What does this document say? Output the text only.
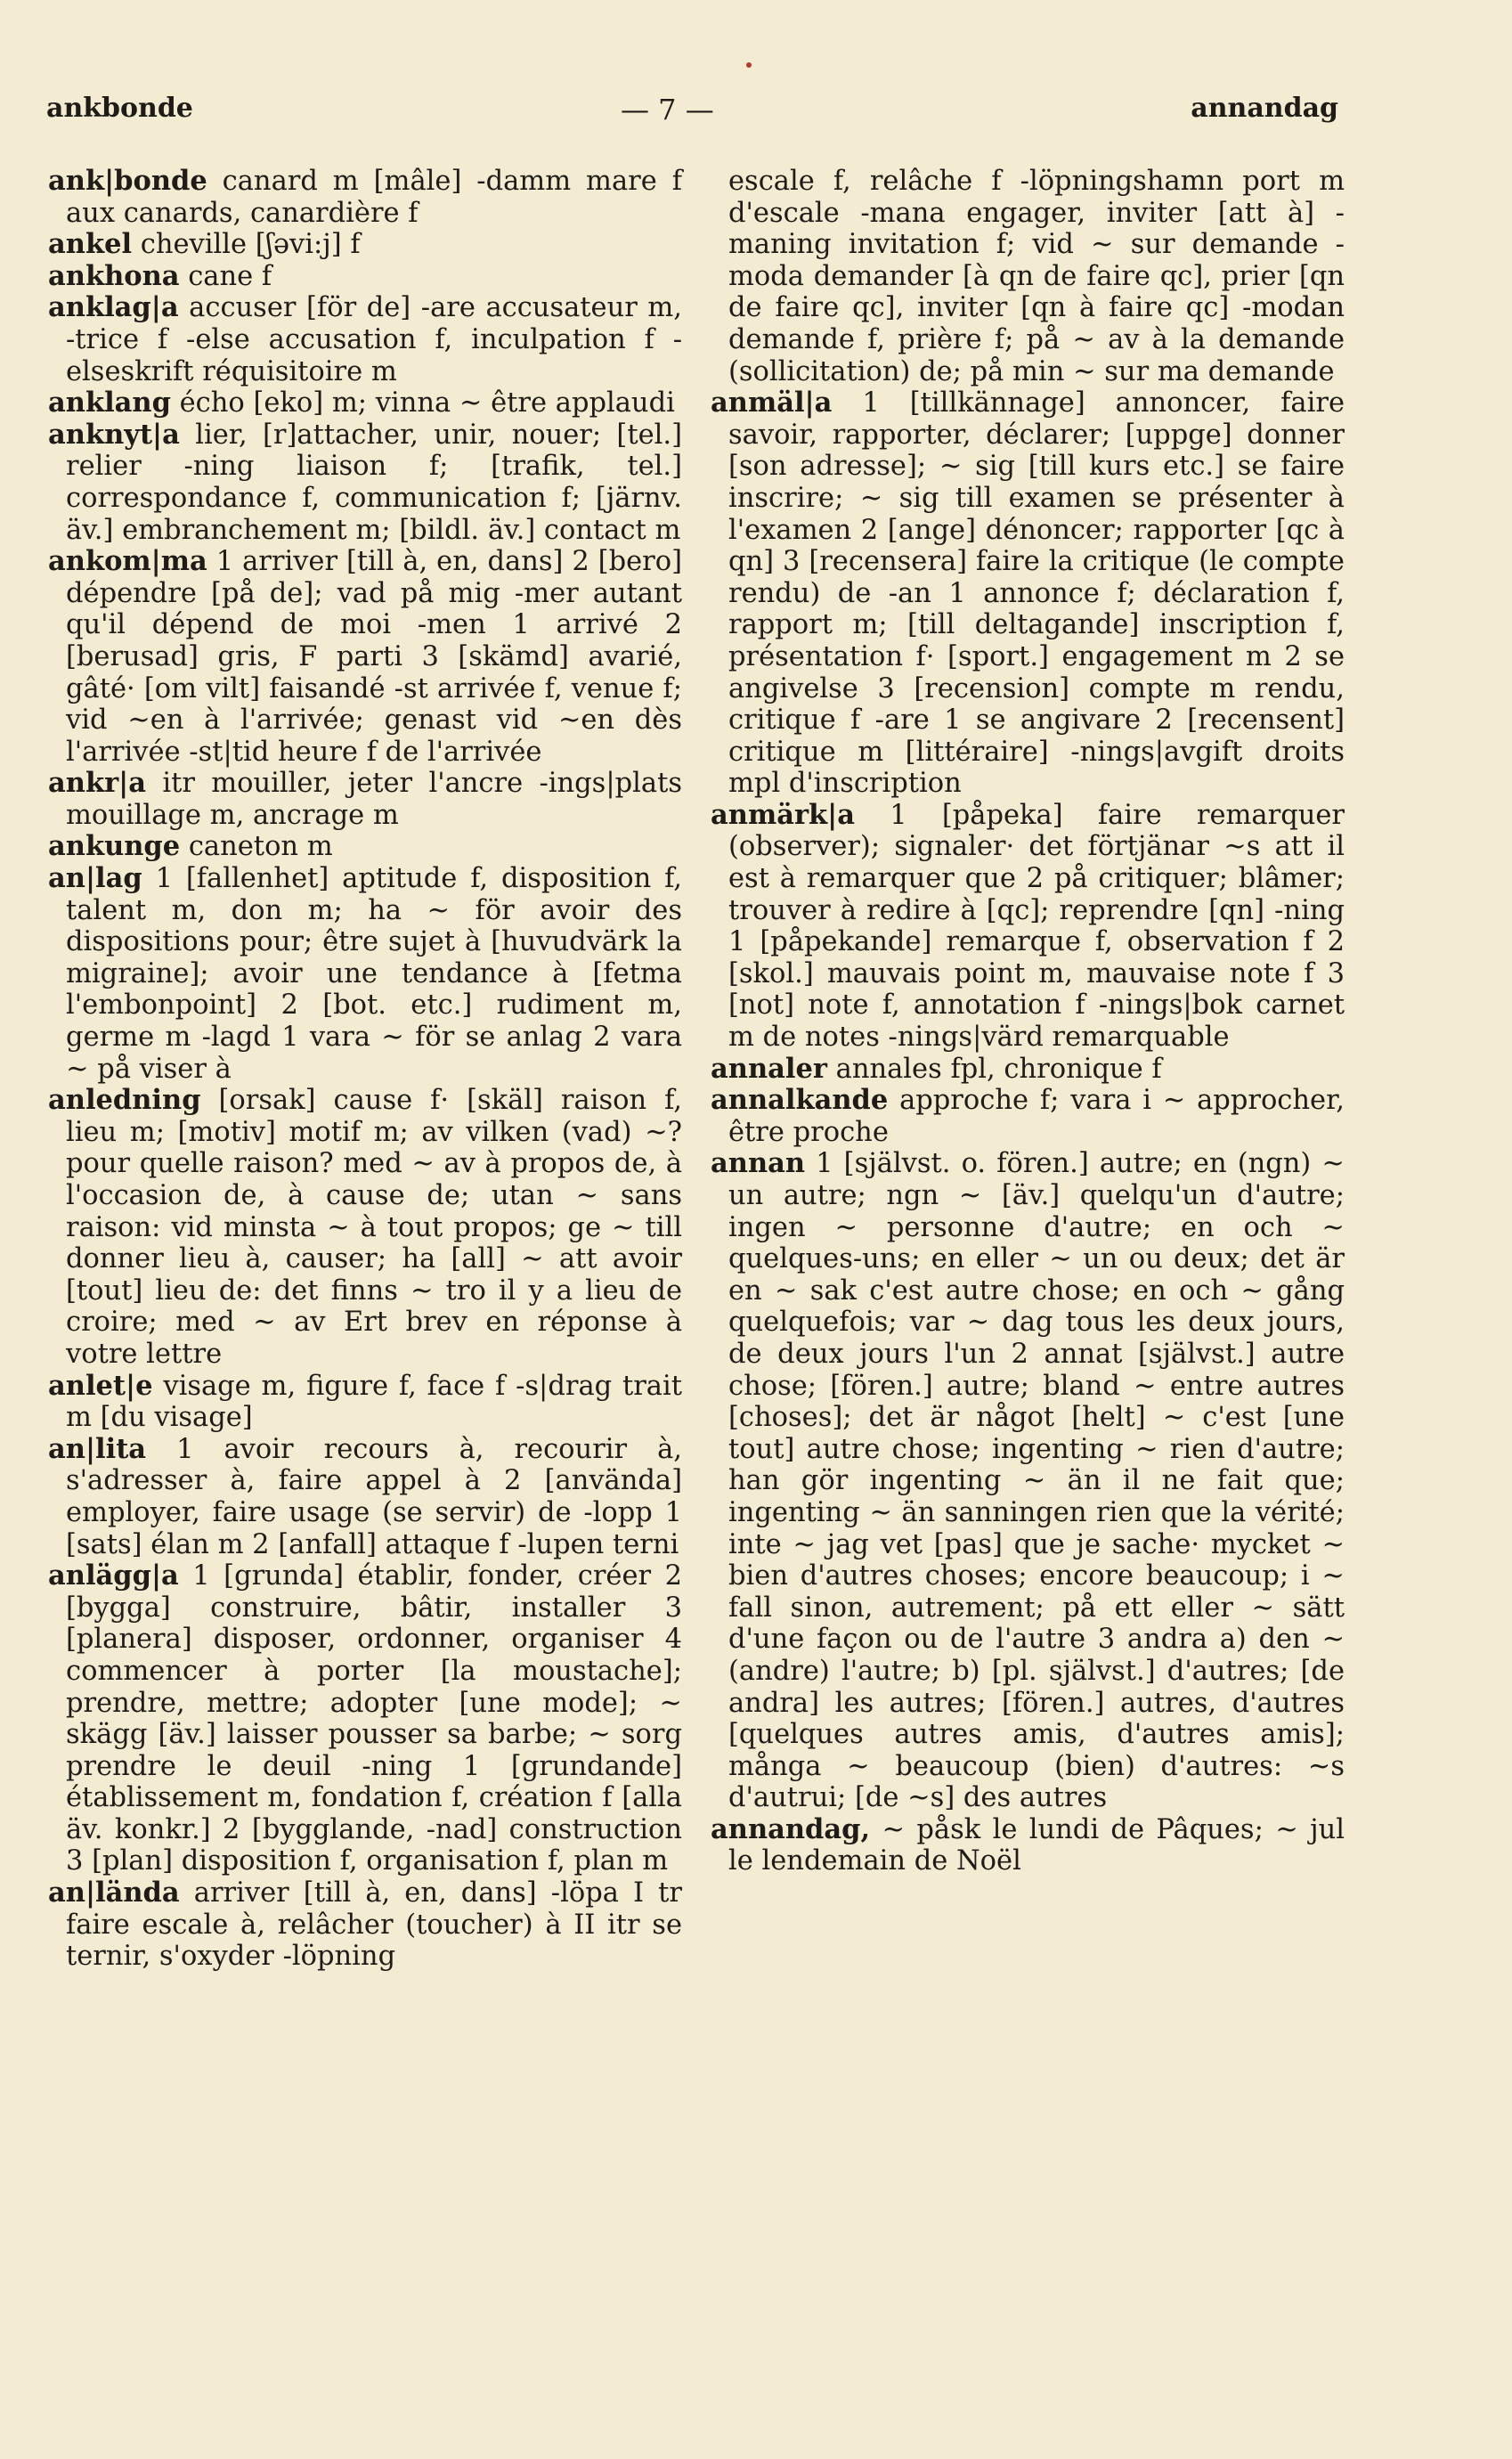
ankbonde	— 7 —	annandag

ank|bonde canard m [mâle] -damm mare f aux canards, canardière f

ankel cheville [ʃəvi:j] f

ankhona cane f

anklag|a accuser [för de] -are accusateur m, -trice f -else accusation f, inculpation f -elseskrift réquisitoire m

anklang écho [eko] m; vinna ~ être applaudi

anknyt|a lier, [r]attacher, unir, nouer; [tel.] relier -ning liaison f; [trafik, tel.] correspondance f, communication f; [järnv. äv.] embranchement m; [bildl. äv.] contact m

ankom|ma 1 arriver [till à, en, dans] 2 [bero] dépendre [på de]; vad på mig -mer autant qu'il dépend de moi -men 1 arrivé 2 [berusad] gris, F parti 3 [skämd] avarié, gâté· [om vilt] faisandé -st arrivée f, venue f; vid ~en à l'arrivée; genast vid ~en dès l'arrivée -st|tid heure f de l'arrivée

ankr|a itr mouiller, jeter l'ancre -ings|plats mouillage m, ancrage m

ankunge caneton m

an|lag 1 [fallenhet] aptitude f, disposition f, talent m, don m; ha ~ för avoir des dispositions pour; être sujet à [huvudvärk la migraine]; avoir une tendance à [fetma l'embonpoint] 2 [bot. etc.] rudiment m, germe m -lagd 1 vara ~ för se anlag 2 vara ~ på viser à

anledning [orsak] cause f· [skäl] raison f, lieu m; [motiv] motif m; av vilken (vad) ~? pour quelle raison? med ~ av à propos de, à l'occasion de, à cause de; utan ~ sans raison: vid minsta ~ à tout propos; ge ~ till donner lieu à, causer; ha [all] ~ att avoir [tout] lieu de: det finns ~ tro il y a lieu de croire; med ~ av Ert brev en réponse à votre lettre

anlet|e visage m, figure f, face f -s|drag trait m [du visage]

an|lita 1 avoir recours à, recourir à, s'adresser à, faire appel à 2 [använda] employer, faire usage (se servir) de -lopp 1 [sats] élan m 2 [anfall] attaque f -lupen terni

anlägg|a 1 [grunda] établir, fonder, créer 2 [bygga] construire, bâtir, installer 3 [planera] disposer, ordonner, organiser 4 commencer à porter [la moustache]; prendre, mettre; adopter [une mode]; ~ skägg [äv.] laisser pousser sa barbe; ~ sorg prendre le deuil -ning 1 [grundande] établissement m, fondation f, création f [alla äv. konkr.] 2 [bygglande, -nad] construction 3 [plan] disposition f, organisation f, plan m

an|lända arriver [till à, en, dans] -löpa I tr faire escale à, relâcher (toucher) à II itr se ternir, s'oxyder -löpning

escale f, relâche f -löpningshamn port m d'escale -mana engager, inviter [att à] -maning invitation f; vid ~ sur demande -moda demander [à qn de faire qc], prier [qn de faire qc], inviter [qn à faire qc] -modan demande f, prière f; på ~ av à la demande (sollicitation) de; på min ~ sur ma demande

anmäl|a 1 [tillkännage] annoncer, faire savoir, rapporter, déclarer; [uppge] donner [son adresse]; ~ sig [till kurs etc.] se faire inscrire; ~ sig till examen se présenter à l'examen 2 [ange] dénoncer; rapporter [qc à qn] 3 [recensera] faire la critique (le compte rendu) de -an 1 annonce f; déclaration f, rapport m; [till deltagande] inscription f, présentation f· [sport.] engagement m 2 se angivelse 3 [recension] compte m rendu, critique f -are 1 se angivare 2 [recensent] critique m [littéraire] -nings|avgift droits mpl d'inscription

anmärk|a 1 [påpeka] faire remarquer (observer); signaler· det förtjänar ~s att il est à remarquer que 2 på critiquer; blâmer; trouver à redire à [qc]; reprendre [qn] -ning 1 [påpekande] remarque f, observation f 2 [skol.] mauvais point m, mauvaise note f 3 [not] note f, annotation f -nings|bok carnet m de notes -nings|värd remarquable

annaler annales fpl, chronique f

annalkande approche f; vara i ~ approcher, être proche

annan 1 [självst. o. fören.] autre; en (ngn) ~ un autre; ngn ~ [äv.] quelqu'un d'autre; ingen ~ personne d'autre; en och ~ quelques-uns; en eller ~ un ou deux; det är en ~ sak c'est autre chose; en och ~ gång quelquefois; var ~ dag tous les deux jours, de deux jours l'un 2 annat [självst.] autre chose; [fören.] autre; bland ~ entre autres [choses]; det är något [helt] ~ c'est [une tout] autre chose; ingenting ~ rien d'autre; han gör ingenting ~ än il ne fait que; ingenting ~ än sanningen rien que la vérité; inte ~ jag vet [pas] que je sache· mycket ~ bien d'autres choses; encore beaucoup; i ~ fall sinon, autrement; på ett eller ~ sätt d'une façon ou de l'autre 3 andra a) den ~ (andre) l'autre; b) [pl. självst.] d'autres; [de andra] les autres; [fören.] autres, d'autres [quelques autres amis, d'autres amis]; många ~ beaucoup (bien) d'autres: ~s d'autrui; [de ~s] des autres

annandag, ~ påsk le lundi de Pâques; ~ jul le lendemain de Noël
